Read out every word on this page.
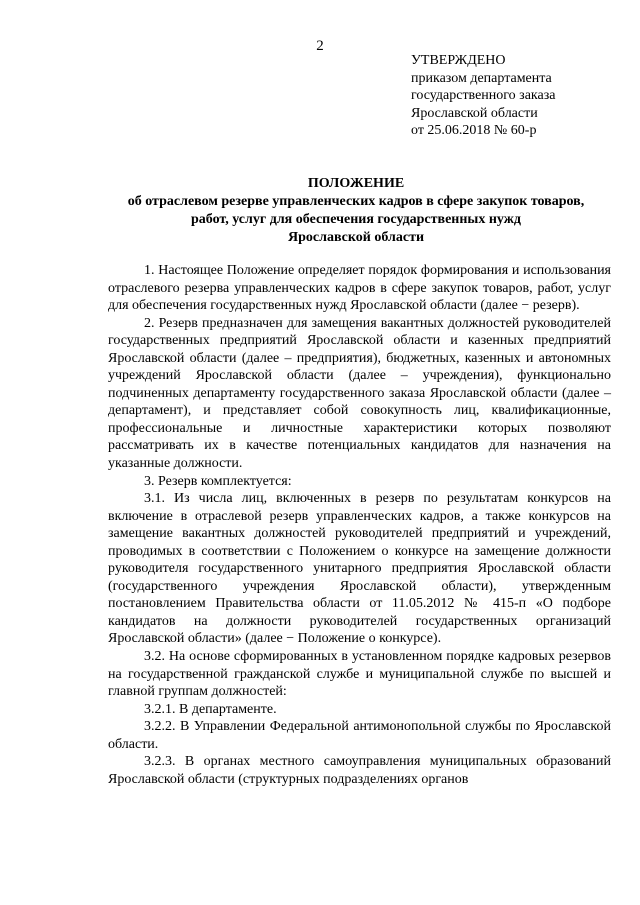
2
УТВЕРЖДЕНО
приказом департамента
государственного заказа
Ярославской области
от 25.06.2018 № 60-р
ПОЛОЖЕНИЕ
об отраслевом резерве управленческих кадров в сфере закупок товаров,
работ, услуг для обеспечения государственных нужд
Ярославской области

1. Настоящее Положение определяет порядок формирования и использования отраслевого резерва управленческих кадров в сфере закупок товаров, работ, услуг для обеспечения государственных нужд Ярославской области (далее − резерв).

2. Резерв предназначен для замещения вакантных должностей руководителей государственных предприятий Ярославской области и казенных предприятий Ярославской области (далее – предприятия), бюджетных, казенных и автономных учреждений Ярославской области (далее – учреждения), функционально подчиненных департаменту государственного заказа Ярославской области (далее – департамент), и представляет собой совокупность лиц, квалификационные, профессиональные и личностные характеристики которых позволяют рассматривать их в качестве потенциальных кандидатов для назначения на указанные должности.

3. Резерв комплектуется:

3.1. Из числа лиц, включенных в резерв по результатам конкурсов на включение в отраслевой резерв управленческих кадров, а также конкурсов на замещение вакантных должностей руководителей предприятий и учреждений, проводимых в соответствии с Положением о конкурсе на замещение должности руководителя государственного унитарного предприятия Ярославской области (государственного учреждения Ярославской области), утвержденным постановлением Правительства области от 11.05.2012 № 415-п «О подборе кандидатов на должности руководителей государственных организаций Ярославской области» (далее − Положение о конкурсе).

3.2. На основе сформированных в установленном порядке кадровых резервов на государственной гражданской службе и муниципальной службе по высшей и главной группам должностей:

3.2.1. В департаменте.

3.2.2. В Управлении Федеральной антимонопольной службы по Ярославской области.

3.2.3. В органах местного самоуправления муниципальных образований Ярославской области (структурных подразделениях органов
